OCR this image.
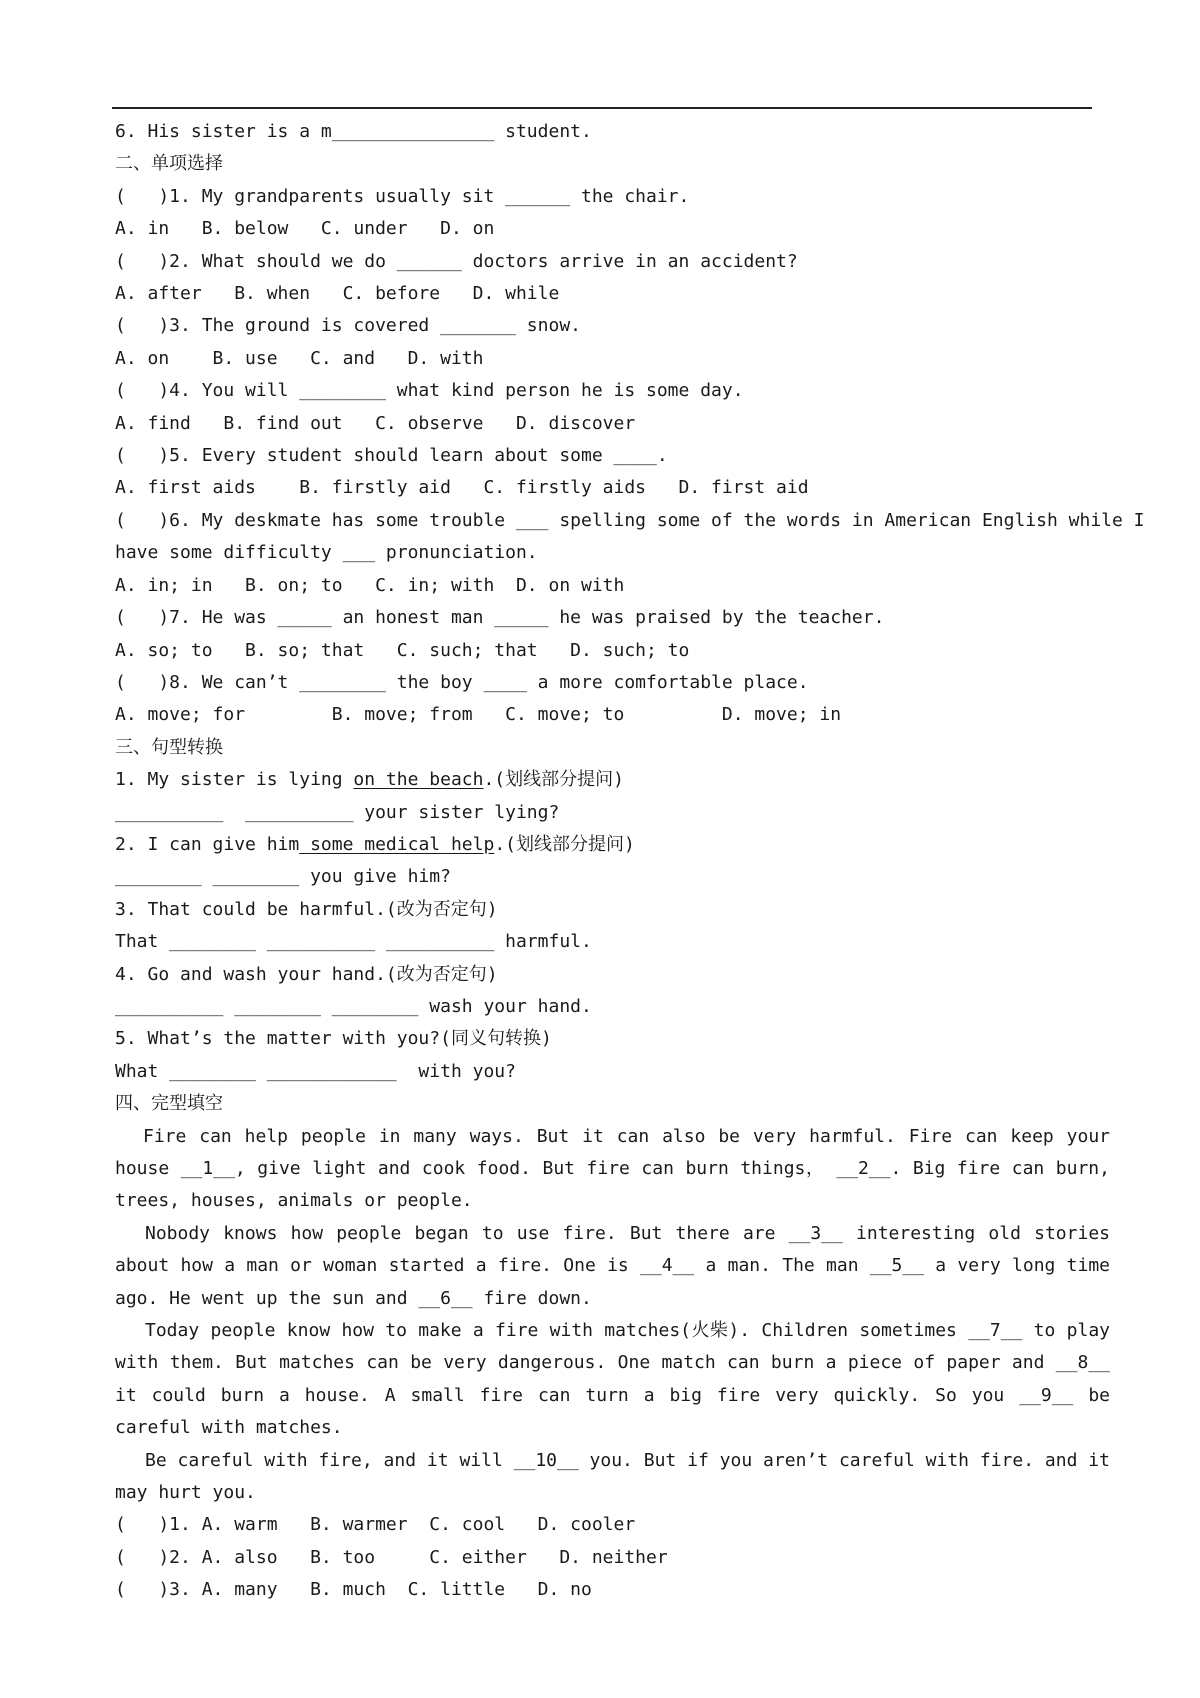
6. His sister is a m_______________ student.
二、单项选择
(   )1. My grandparents usually sit ______ the chair.
A. in   B. below   C. under   D. on
(   )2. What should we do ______ doctors arrive in an accident?
A. after   B. when   C. before   D. while
(   )3. The ground is covered _______ snow.
A. on    B. use   C. and   D. with
(   )4. You will ________ what kind person he is some day.
A. find   B. find out   C. observe   D. discover
(   )5. Every student should learn about some ____.
A. first aids    B. firstly aid   C. firstly aids   D. first aid
(   )6. My deskmate has some trouble ___ spelling some of the words in American English while I
have some difficulty ___ pronunciation.
A. in; in   B. on; to   C. in; with  D. on with
(   )7. He was _____ an honest man _____ he was praised by the teacher.
A. so; to   B. so; that   C. such; that   D. such; to
(   )8. We can’t ________ the boy ____ a more comfortable place.
A. move; for        B. move; from   C. move; to         D. move; in
三、句型转换
1. My sister is lying on the beach.(划线部分提问)
__________  __________ your sister lying?
2. I can give him some medical help.(划线部分提问)
________ ________ you give him?
3. That could be harmful.(改为否定句)
That ________ __________ __________ harmful.
4. Go and wash your hand.(改为否定句)
__________ ________ ________ wash your hand.
5. What’s the matter with you?(同义句转换)
What ________ ____________  with you?
四、完型填空

Fire can help people in many ways. But it can also be very harmful. Fire can keep your house __1__, give light and cook food. But fire can burn things， __2__. Big fire can burn, trees, houses, animals or people.

Nobody knows how people began to use fire. But there are __3__ interesting old stories about how a man or woman started a fire. One is __4__ a man. The man __5__ a very long time ago. He went up the sun and __6__ fire down.

Today people know how to make a fire with matches(火柴). Children sometimes __7__ to play with them. But matches can be very dangerous. One match can burn a piece of paper and __8__ it could burn a house. A small fire can turn a big fire very quickly. So you __9__ be careful with matches.

Be careful with fire, and it will __10__ you. But if you aren’t careful with fire. and it may hurt you.

(   )1. A. warm   B. warmer  C. cool   D. cooler
(   )2. A. also   B. too     C. either   D. neither
(   )3. A. many   B. much  C. little   D. no
